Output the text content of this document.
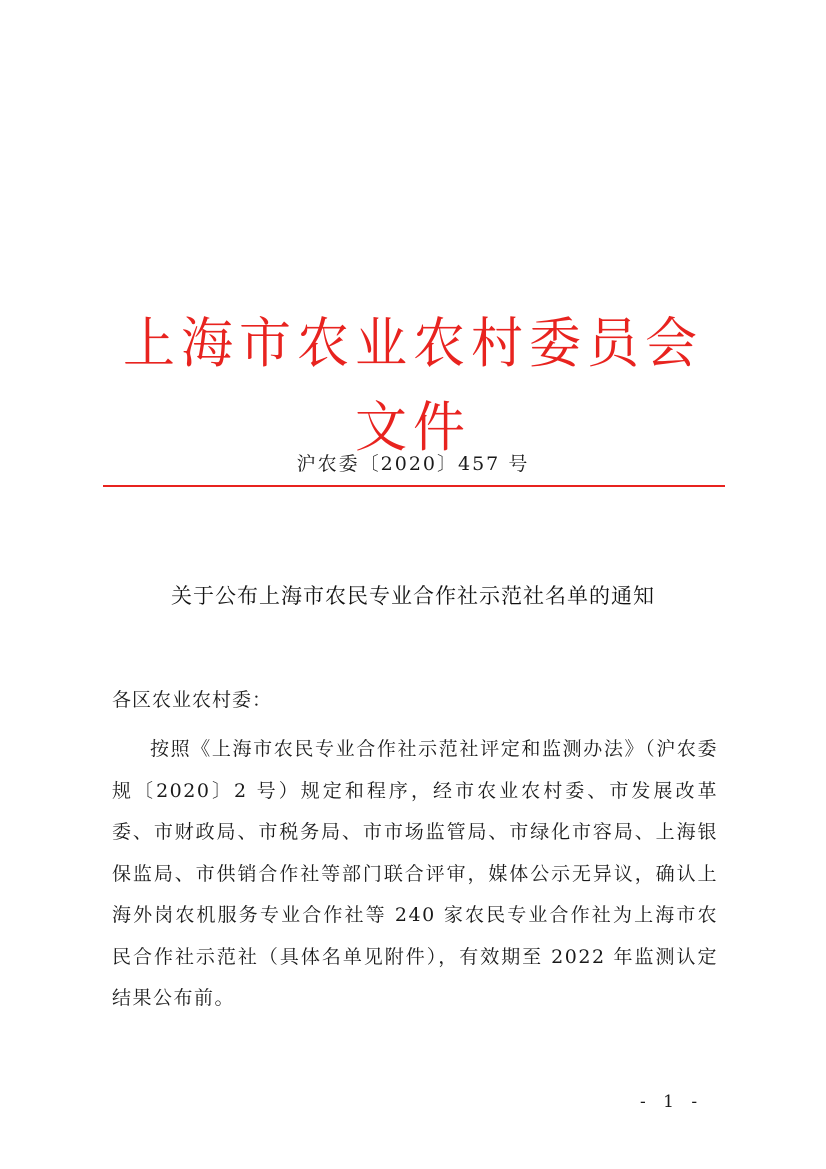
上海市农业农村委员会文件
沪农委〔2020〕457 号
关于公布上海市农民专业合作社示范社名单的通知
各区农业农村委：

按照《上海市农民专业合作社示范社评定和监测办法》（沪农委规〔2020〕2 号）规定和程序，经市农业农村委、市发展改革委、市财政局、市税务局、市市场监管局、市绿化市容局、上海银保监局、市供销合作社等部门联合评审，媒体公示无异议，确认上海外岗农机服务专业合作社等 240 家农民专业合作社为上海市农民合作社示范社（具体名单见附件），有效期至 2022 年监测认定结果公布前。

- 1 -
